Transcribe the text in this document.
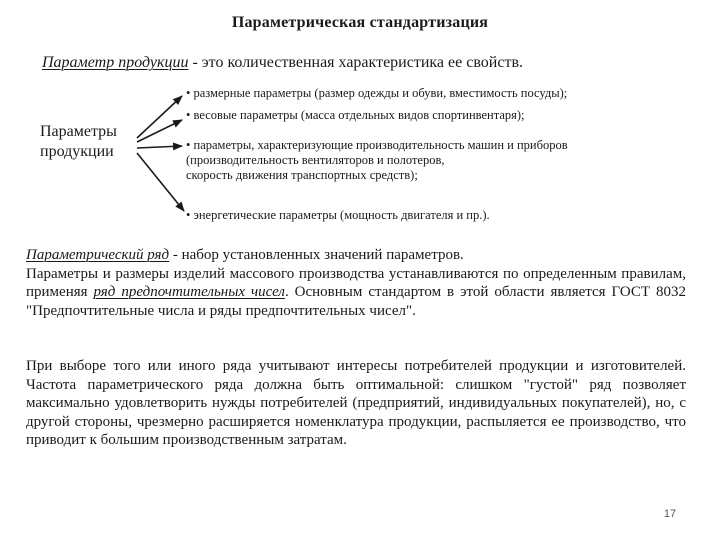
Параметрическая стандартизация
Параметр продукции - это количественная характеристика ее свойств.
Параметры
продукции
• размерные параметры (размер одежды и обуви, вместимость посуды);
• весовые параметры (масса отдельных видов спортинвентаря);
• параметры, характеризующие производительность машин и приборов
(производительность вентиляторов и полотеров,
скорость движения транспортных средств);
• энергетические параметры (мощность двигателя и пр.).
Параметрический ряд - набор установленных значений параметров.
Параметры и размеры изделий массового производства устанавливаются по определенным правилам, применяя ряд предпочтительных чисел. Основным стандартом в этой области является ГОСТ 8032 "Предпочтительные числа и ряды предпочтительных чисел".
При выборе того или иного ряда учитывают интересы потребителей продукции и изготовителей. Частота параметрического ряда должна быть оптимальной: слишком "густой" ряд позволяет максимально удовлетворить нужды потребителей (предприятий, индивидуальных покупателей), но, с другой стороны, чрезмерно расширяется номенклатура продукции, распыляется ее производство, что приводит к большим производственным затратам.
17
